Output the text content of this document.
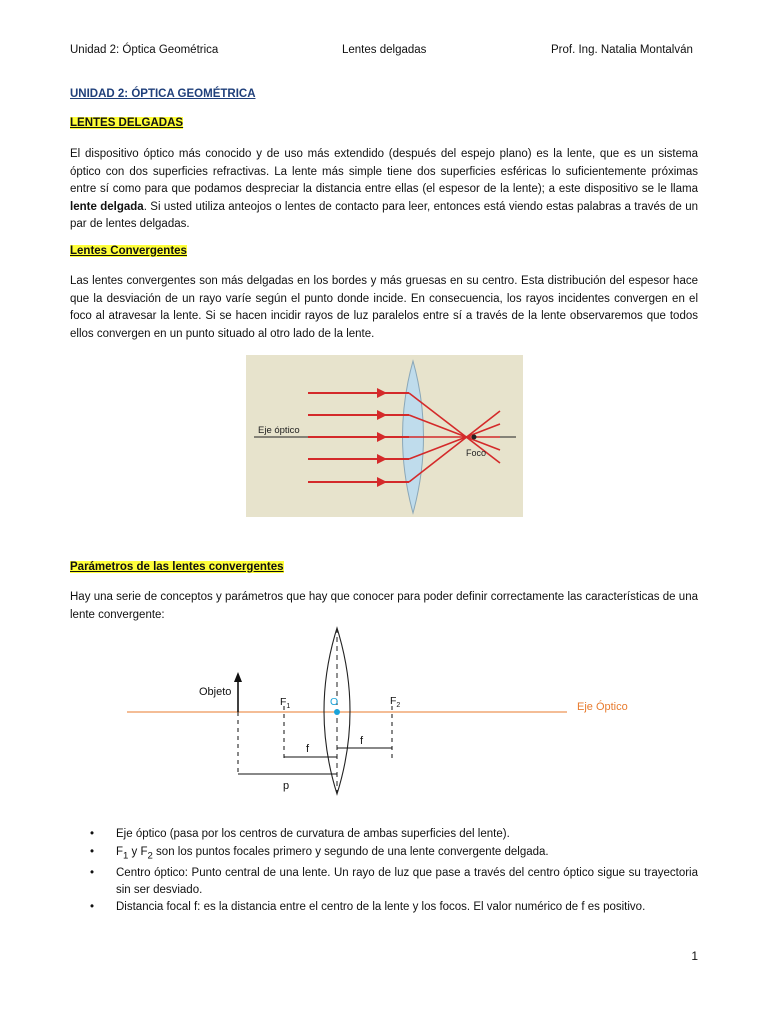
Unidad 2: Óptica Geométrica	Lentes delgadas	Prof. Ing. Natalia Montalván
UNIDAD 2: ÓPTICA GEOMÉTRICA
LENTES DELGADAS
El dispositivo óptico más conocido y de uso más extendido (después del espejo plano) es la lente, que es un sistema óptico con dos superficies refractivas. La lente más simple tiene dos superficies esféricas lo suficientemente próximas entre sí como para que podamos despreciar la distancia entre ellas (el espesor de la lente); a este dispositivo se le llama lente delgada. Si usted utiliza anteojos o lentes de contacto para leer, entonces está viendo estas palabras a través de un par de lentes delgadas.
Lentes Convergentes
Las lentes convergentes son más delgadas en los bordes y más gruesas en su centro. Esta distribución del espesor hace que la desviación de un rayo varíe según el punto donde incide. En consecuencia, los rayos incidentes convergen en el foco al atravesar la lente. Si se hacen incidir rayos de luz paralelos entre sí a través de la lente observaremos que todos ellos convergen en un punto situado al otro lado de la lente.
Eje óptico
Foco
Parámetros de las lentes convergentes
Hay una serie de conceptos y parámetros que hay que conocer para poder definir correctamente las características de una lente convergente:
Objeto
$F_1$	$F_2$
O
f
f
p
Eje Óptico
• Eje óptico (pasa por los centros de curvatura de ambas superficies del lente).
• $F_1$ y $F_2$ son los puntos focales primero y segundo de una lente convergente delgada.
• Centro óptico: Punto central de una lente. Un rayo de luz que pase a través del centro óptico sigue su trayectoria sin ser desviado.
• Distancia focal f: es la distancia entre el centro de la lente y los focos. El valor numérico de f es positivo.
1
